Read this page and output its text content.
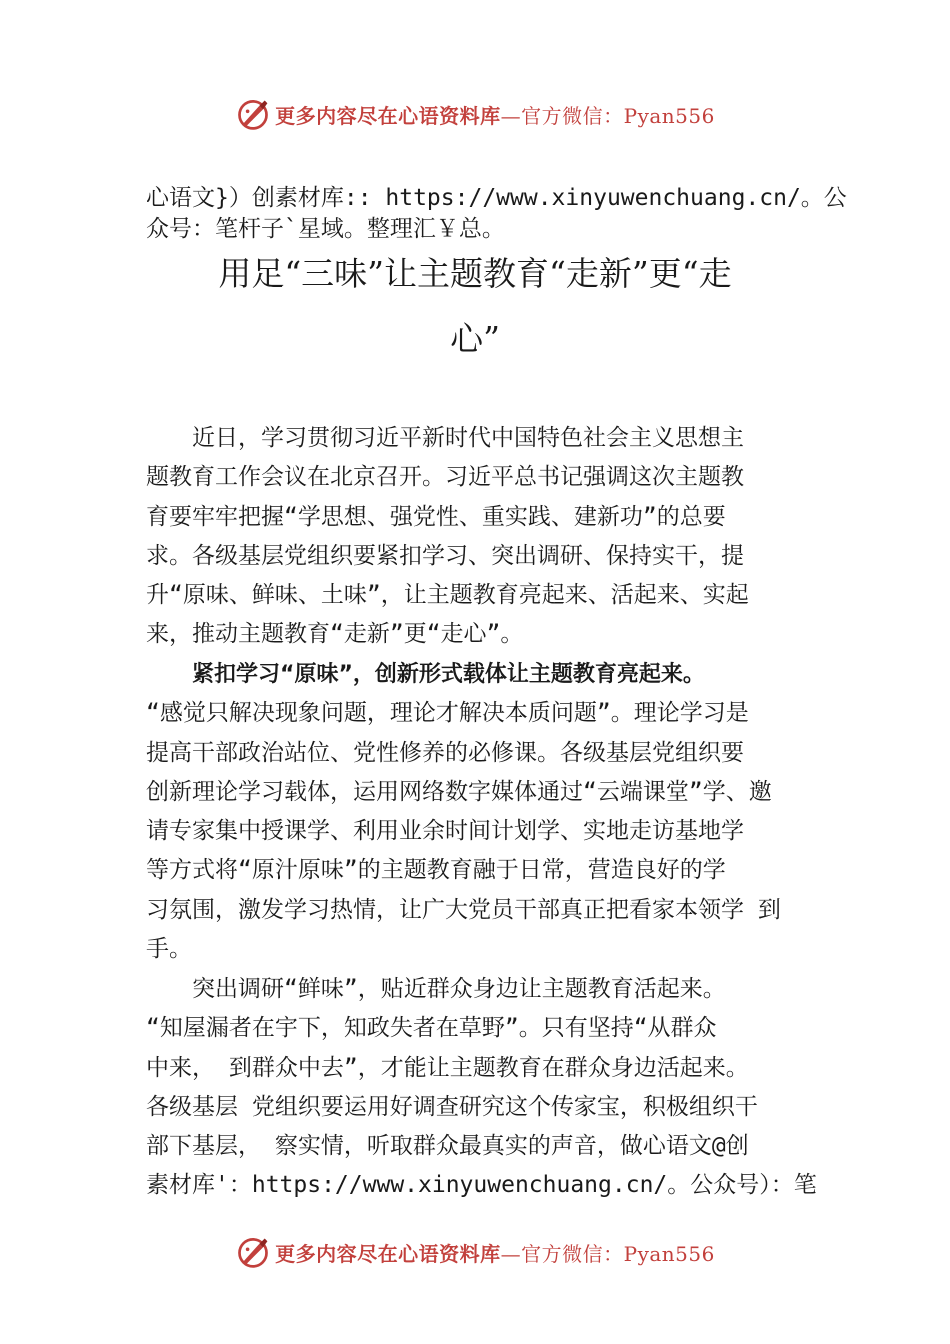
更多内容尽在心语资料库—官方微信：Pyan556
心语文}）创素材库:: https://www.xinyuwenchuang.cn/。公
众号：笔杆子`星域。整理汇￥总。
用足“三味”让主题教育“走新”更“走
心”
　　近日，学习贯彻习近平新时代中国特色社会主义思想主
题教育工作会议在北京召开。习近平总书记强调这次主题教
育要牢牢把握“学思想、强党性、重实践、建新功”的总要
求。各级基层党组织要紧扣学习、突出调研、保持实干，提
升“原味、鲜味、土味”，让主题教育亮起来、活起来、实起
来，推动主题教育“走新”更“走心”。
　　紧扣学习“原味”，创新形式载体让主题教育亮起来。
“感觉只解决现象问题，理论才解决本质问题”。理论学习是
提高干部政治站位、党性修养的必修课。各级基层党组织要
创新理论学习载体，运用网络数字媒体通过“云端课堂”学、邀
请专家集中授课学、利用业余时间计划学、实地走访基地学
等方式将“原汁原味”的主题教育融于日常，营造良好的学
习氛围，激发学习热情，让广大党员干部真正把看家本领学 到
手。
　　突出调研“鲜味”，贴近群众身边让主题教育活起来。
“知屋漏者在宇下，知政失者在草野”。只有坚持“从群众
中来， 到群众中去”，才能让主题教育在群众身边活起来。
各级基层 党组织要运用好调查研究这个传家宝，积极组织干
部下基层， 察实情，听取群众最真实的声音，做心语文@创
素材库'：https://www.xinyuwenchuang.cn/。公众号）：笔
更多内容尽在心语资料库—官方微信：Pyan556
